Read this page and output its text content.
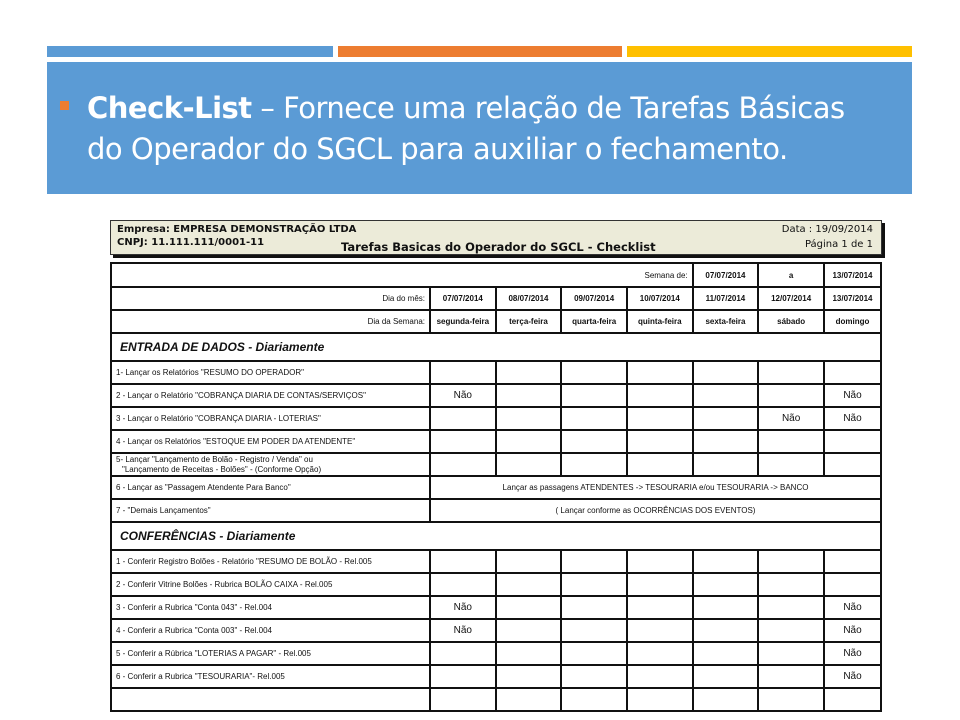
Check-List – Fornece uma relação de Tarefas Básicas do Operador do SGCL para auxiliar o fechamento.
Empresa: EMPRESA DEMONSTRAÇÃO LTDA
CNPJ: 11.111.111/0001-11	Tarefas Basicas do Operador do SGCL - Checklist
Data : 19/09/2014
Página 1 de 1
Semana de:					07/07/2014	a	13/07/2014
Dia do mês:	07/07/2014	08/07/2014	09/07/2014	10/07/2014	11/07/2014	12/07/2014	13/07/2014
Dia da Semana:	segunda-feira	terça-feira	quarta-feira	quinta-feira	sexta-feira	sábado	domingo
ENTRADA DE DADOS - Diariamente							

1- Lançar os Relatórios "RESUMO DO OPERADOR"							

2 - Lançar o Relatório "COBRANÇA DIARIA DE CONTAS/SERVIÇOS"	Não						Não

3 - Lançar o Relatório "COBRANÇA DIARIA - LOTERIAS"						Não	Não

4 - Lançar os Relatórios "ESTOQUE EM PODER DA ATENDENTE"							

5- Lançar "Lançamento de Bolão - Registro / Venda" ou
"Lançamento de Receitas - Bolões" - (Conforme Opção)							

6 - Lançar as "Passagem Atendente Para Banco"	Lançar as passagens ATENDENTES -> TESOURARIA e/ou TESOURARIA -> BANCO						

7 - "Demais Lançamentos"	( Lançar conforme as OCORRÊNCIAS DOS EVENTOS)						
CONFERÊNCIAS - Diariamente							

1 - Conferir Registro Bolões - Relatório "RESUMO DE BOLÃO - Rel.005							

2 - Conferir Vitrine Bolões - Rubrica BOLÃO CAIXA - Rel.005							

3 - Conferir a Rubrica "Conta 043" - Rel.004	Não						Não

4 - Conferir a Rubrica "Conta 003" - Rel.004	Não						Não

5 - Conferir a Rúbrica "LOTERIAS A PAGAR" - Rel.005							Não

6 - Conferir a Rubrica "TESOURARIA"- Rel.005							Não
